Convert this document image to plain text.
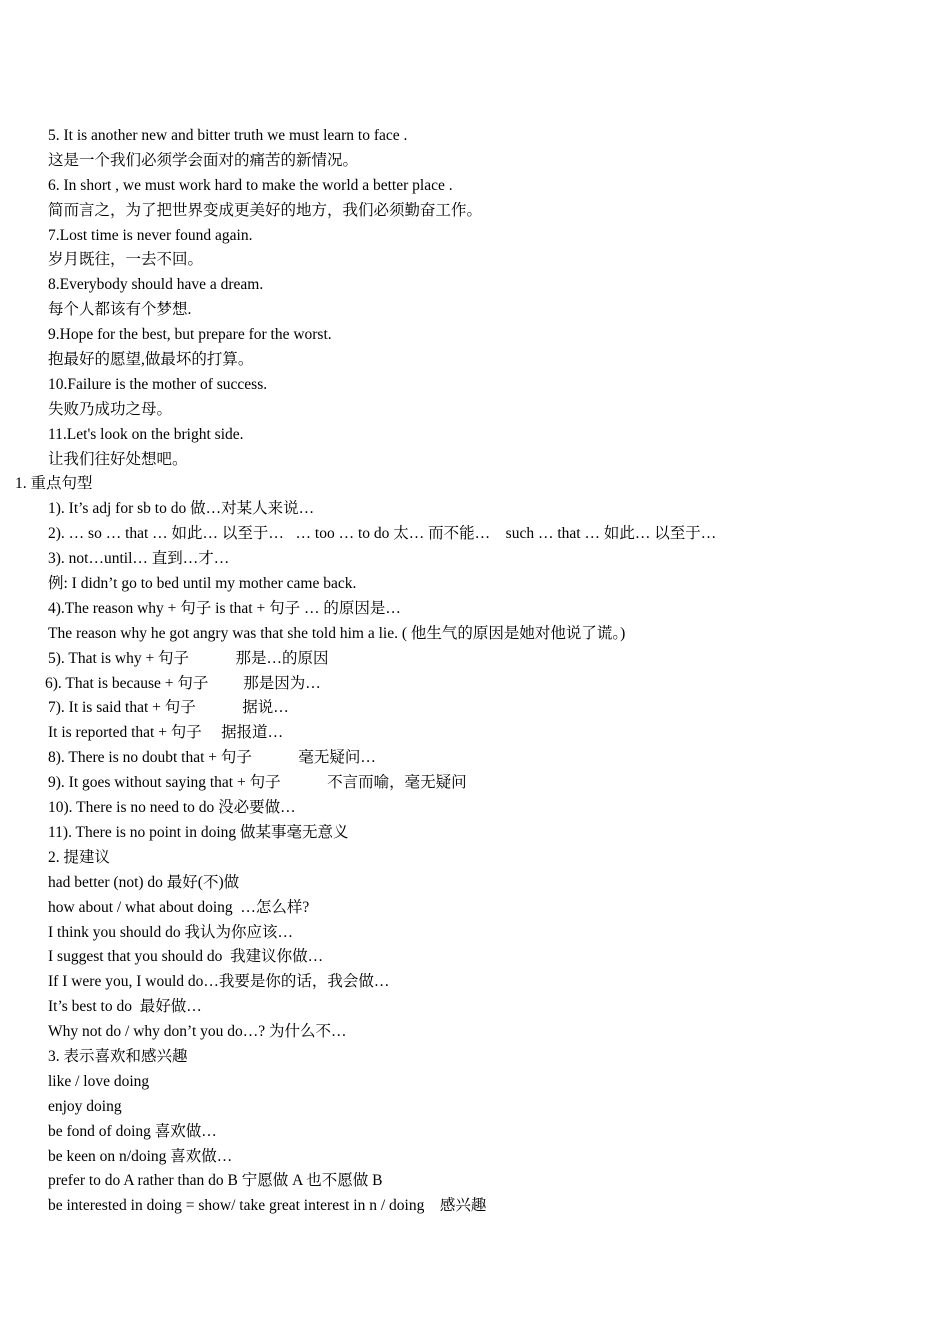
5. It is another new and bitter truth we must learn to face .
这是一个我们必须学会面对的痛苦的新情况。
6. In short , we must work hard to make the world a better place .
简而言之，为了把世界变成更美好的地方，我们必须勤奋工作。
7.Lost time is never found again.
岁月既往，一去不回。
8.Everybody should have a dream.
每个人都该有个梦想.
9.Hope for the best, but prepare for the worst.
抱最好的愿望,做最坏的打算。
10.Failure is the mother of success.
失败乃成功之母。
11.Let's look on the bright side.
让我们往好处想吧。
1. 重点句型
1). It’s adj for sb to do 做…对某人来说…
2). … so … that … 如此… 以至于…   … too … to do 太… 而不能…    such … that … 如此… 以至于…
3). not…until… 直到…才…
例: I didn’t go to bed until my mother came back.
4).The reason why + 句子 is that + 句子 … 的原因是…
The reason why he got angry was that she told him a lie. ( 他生气的原因是她对他说了谎。)
5). That is why + 句子            那是…的原因
6). That is because + 句子         那是因为…
7). It is said that + 句子            据说…
It is reported that + 句子     据报道…
8). There is no doubt that + 句子            毫无疑问…
9). It goes without saying that + 句子            不言而喻，毫无疑问
10). There is no need to do 没必要做…
11). There is no point in doing 做某事毫无意义
2. 提建议
had better (not) do 最好(不)做
how about / what about doing  …怎么样?
I think you should do 我认为你应该…
I suggest that you should do  我建议你做…
If I were you, I would do…我要是你的话，我会做…
It’s best to do  最好做…
Why not do / why don’t you do…? 为什么不…
3. 表示喜欢和感兴趣
like / love doing
enjoy doing
be fond of doing 喜欢做…
be keen on n/doing 喜欢做…
prefer to do A rather than do B 宁愿做 A 也不愿做 B
be interested in doing = show/ take great interest in n / doing    感兴趣
